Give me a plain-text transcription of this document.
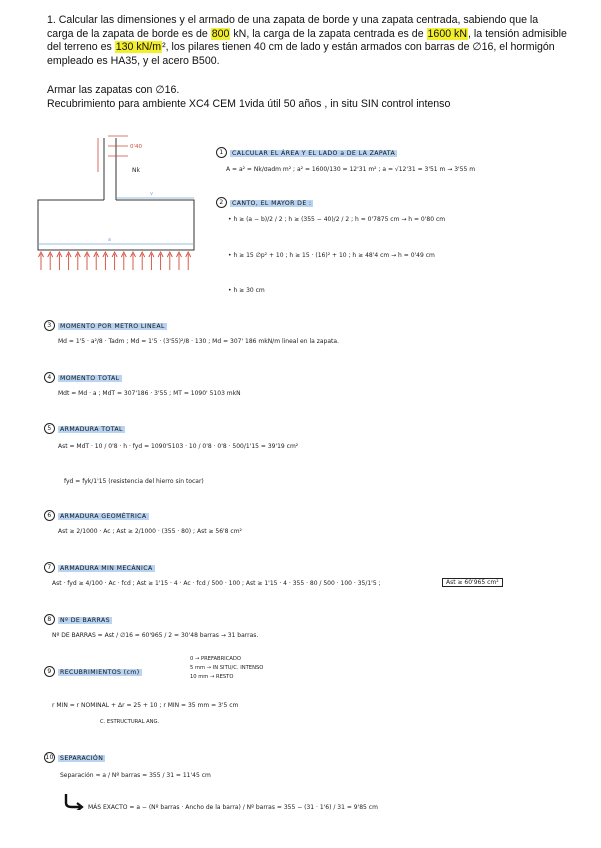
1. Calcular las dimensiones y el armado de una zapata de borde y una zapata centrada, sabiendo que la carga de la zapata de borde es de 800 kN, la carga de la zapata centrada es de 1600 kN, la tensión admisible del terreno es 130 kN/m², los pilares tienen 40 cm de lado y están armados con barras de ∅16, el hormigón empleado es HA35, y el acero B500.

Armar las zapatas con ∅16.

Recubrimiento para ambiente XC4 CEM 1vida útil 50 años , in situ SIN control intenso

0'40
Nk
v
a
1 CALCULAR EL ÁREA Y EL LADO a DE LA ZAPATA
A = a² = Nk/σadm m² ; a² = 1600/130 = 12'31 m² ; a = √12'31 = 3'51 m → 3'55 m
2 CANTO, EL MAYOR DE :
• h ≥ (a − b)/2 / 2 ; h ≥ (355 − 40)/2 / 2 ; h = 0'7875 cm → h = 0'80 cm
• h ≥ 15 ∅p² + 10 ; h ≥ 15 · (16)² + 10 ; h ≥ 48'4 cm → h = 0'49 cm
• h ≥ 30 cm
3 MOMENTO POR METRO LINEAL
Md = 1'5 · a²/8 · Tadm ; Md = 1'5 · (3'55)²/8 · 130 ; Md = 307' 186 mkN/m lineal en la zapata.
4 MOMENTO TOTAL
Mdt = Md · a ; MdT = 307'186 · 3'55 ; MT = 1090' 5103 mkN
5 ARMADURA TOTAL
Ast = MdT · 10 / 0'8 · h · fyd = 1090'5103 · 10 / 0'8 · 0'8 · 500/1'15 = 39'19 cm²
fyd = fyk/1'15 (resistencia del hierro sin tocar)
6 ARMADURA GEOMÉTRICA
Ast ≥ 2/1000 · Ac ; Ast ≥ 2/1000 · (355 · 80) ; Ast ≥ 56'8 cm²
7 ARMADURA MIN MECÁNICA
Ast · fyd ≥ 4/100 · Ac · fcd ; Ast ≥ 1'15 · 4 · Ac · fcd / 500 · 100 ; Ast ≥ 1'15 · 4 · 355 · 80 / 500 · 100 · 35/1'5 ;	Ast ≥ 60'965 cm²
8 Nº DE BARRAS
Nº DE BARRAS = Ast / ∅16 = 60'965 / 2 = 30'48 barras → 31 barras.
9 RECUBRIMIENTOS (cm)
0 → PREFABRICADO
5 mm → IN SITU/C. INTENSO
10 mm → RESTO
r MIN = r NOMINAL + Δr = 25 + 10 ; r MIN = 35 mm = 3'5 cm
C. ESTRUCTURAL ANG.
10 SEPARACIÓN
Separación ≈ a / Nº barras = 355 / 31 = 11'45 cm
MÁS EXACTO = a − (Nº barras · Ancho de la barra) / Nº barras = 355 − (31 · 1'6) / 31 = 9'85 cm
